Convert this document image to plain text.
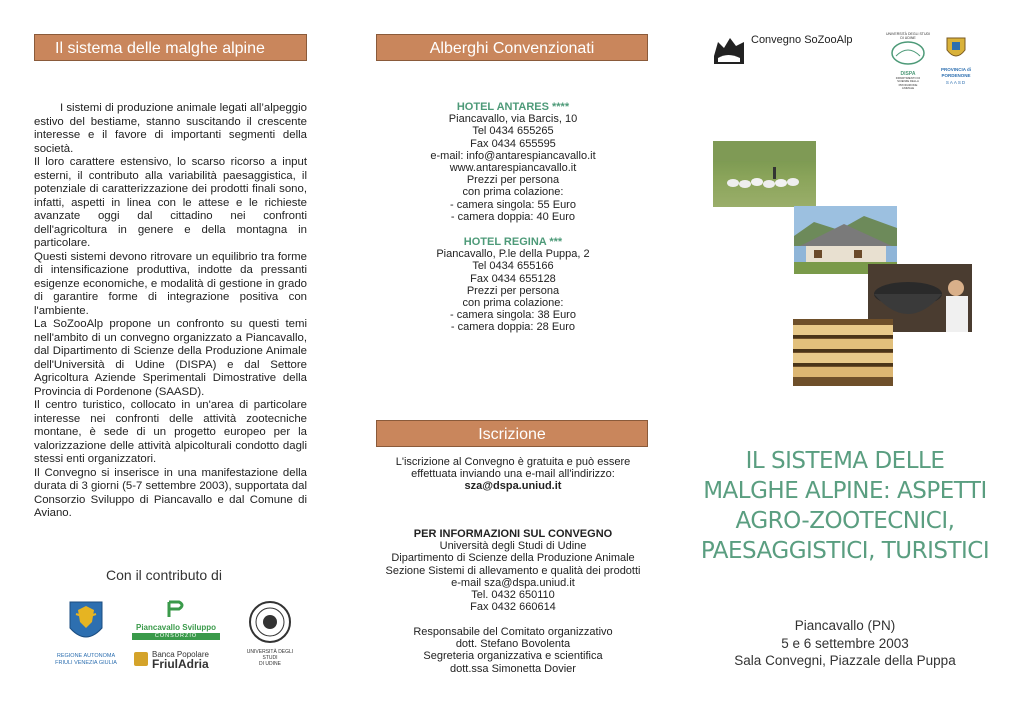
Il sistema delle malghe alpine

I sistemi di produzione animale legati all’alpeggio estivo del bestiame, stanno suscitando il crescente interesse e il favore di importanti segmenti della società.

Il loro carattere estensivo, lo scarso ricorso a input esterni, il contributo alla variabilità paesaggistica, il potenziale di caratterizzazione dei prodotti finali sono, infatti, aspetti in linea con le attese e le richieste avanzate oggi dal cittadino nei confronti dell'agricoltura in genere e della montagna in particolare.

Questi sistemi devono ritrovare un equilibrio tra forme di intensificazione produttiva, indotte da pressanti esigenze economiche, e modalità di gestione in grado di garantire forme di integrazione positiva con l'ambiente.

La SoZooAlp propone un confronto su questi temi nell'ambito di un convegno organizzato a Piancavallo, dal Dipartimento di Scienze della Produzione Animale dell'Università di Udine (DISPA) e dal Settore Agricoltura Aziende Sperimentali Dimostrative della Provincia di Pordenone (SAASD).

Il centro turistico, collocato in un'area di particolare interesse nei confronti delle attività zootecniche montane, è sede di un progetto europeo per la valorizzazione delle attività alpicolturali condotto dagli stessi enti organizzatori.

Il Convegno si inserisce in una manifestazione della durata di 3 giorni (5-7 settembre 2003), supportata dal Consorzio Sviluppo di Piancavallo e dal Comune di Aviano.

Con il contributo di
REGIONE AUTONOMA
FRIULI VENEZIA GIULIA
Piancavallo Sviluppo
CONSORZIO
Banca Popolare
FriulAdria
UNIVERSITÀ DEGLI STUDI
DI UDINE
Alberghi Convenzionati
HOTEL ANTARES ****
Piancavallo, via Barcis, 10
Tel 0434 655265
Fax 0434 655595
e-mail: info@antarespiancavallo.it
www.antarespiancavallo.it
Prezzi per persona
con prima colazione:
- camera singola: 55 Euro
- camera doppia: 40 Euro
HOTEL REGINA ***
Piancavallo, P.le della Puppa, 2
Tel 0434 655166
Fax 0434 655128
Prezzi per persona
con prima colazione:
- camera singola: 38 Euro
- camera doppia: 28 Euro
Iscrizione
L'iscrizione al Convegno è gratuita e può essere
effettuata inviando una e-mail all'indirizzo:
sza@dspa.uniud.it
PER INFORMAZIONI SUL CONVEGNO
Università degli Studi di Udine
Dipartimento di Scienze della Produzione Animale
Sezione Sistemi di allevamento e qualità dei prodotti
e-mail sza@dspa.uniud.it
Tel. 0432 650110
Fax 0432 660614
Responsabile del Comitato organizzativo
dott. Stefano Bovolenta
Segreteria organizzativa e scientifica
dott.ssa Simonetta Dovier
Convegno SoZooAlp	UNIVERSITÀ DEGLI STUDI
DI UDINE
DISPA
DIPARTIMENTO DI
SCIENZE DELLA
PRODUZIONE
ANIMALE
PROVINCIA di
PORDENONE
SAASD
IL SISTEMA DELLE
MALGHE ALPINE: ASPETTI
AGRO-ZOOTECNICI,
PAESAGGISTICI, TURISTICI
Piancavallo (PN)
5 e 6 settembre 2003
Sala Convegni, Piazzale della Puppa
